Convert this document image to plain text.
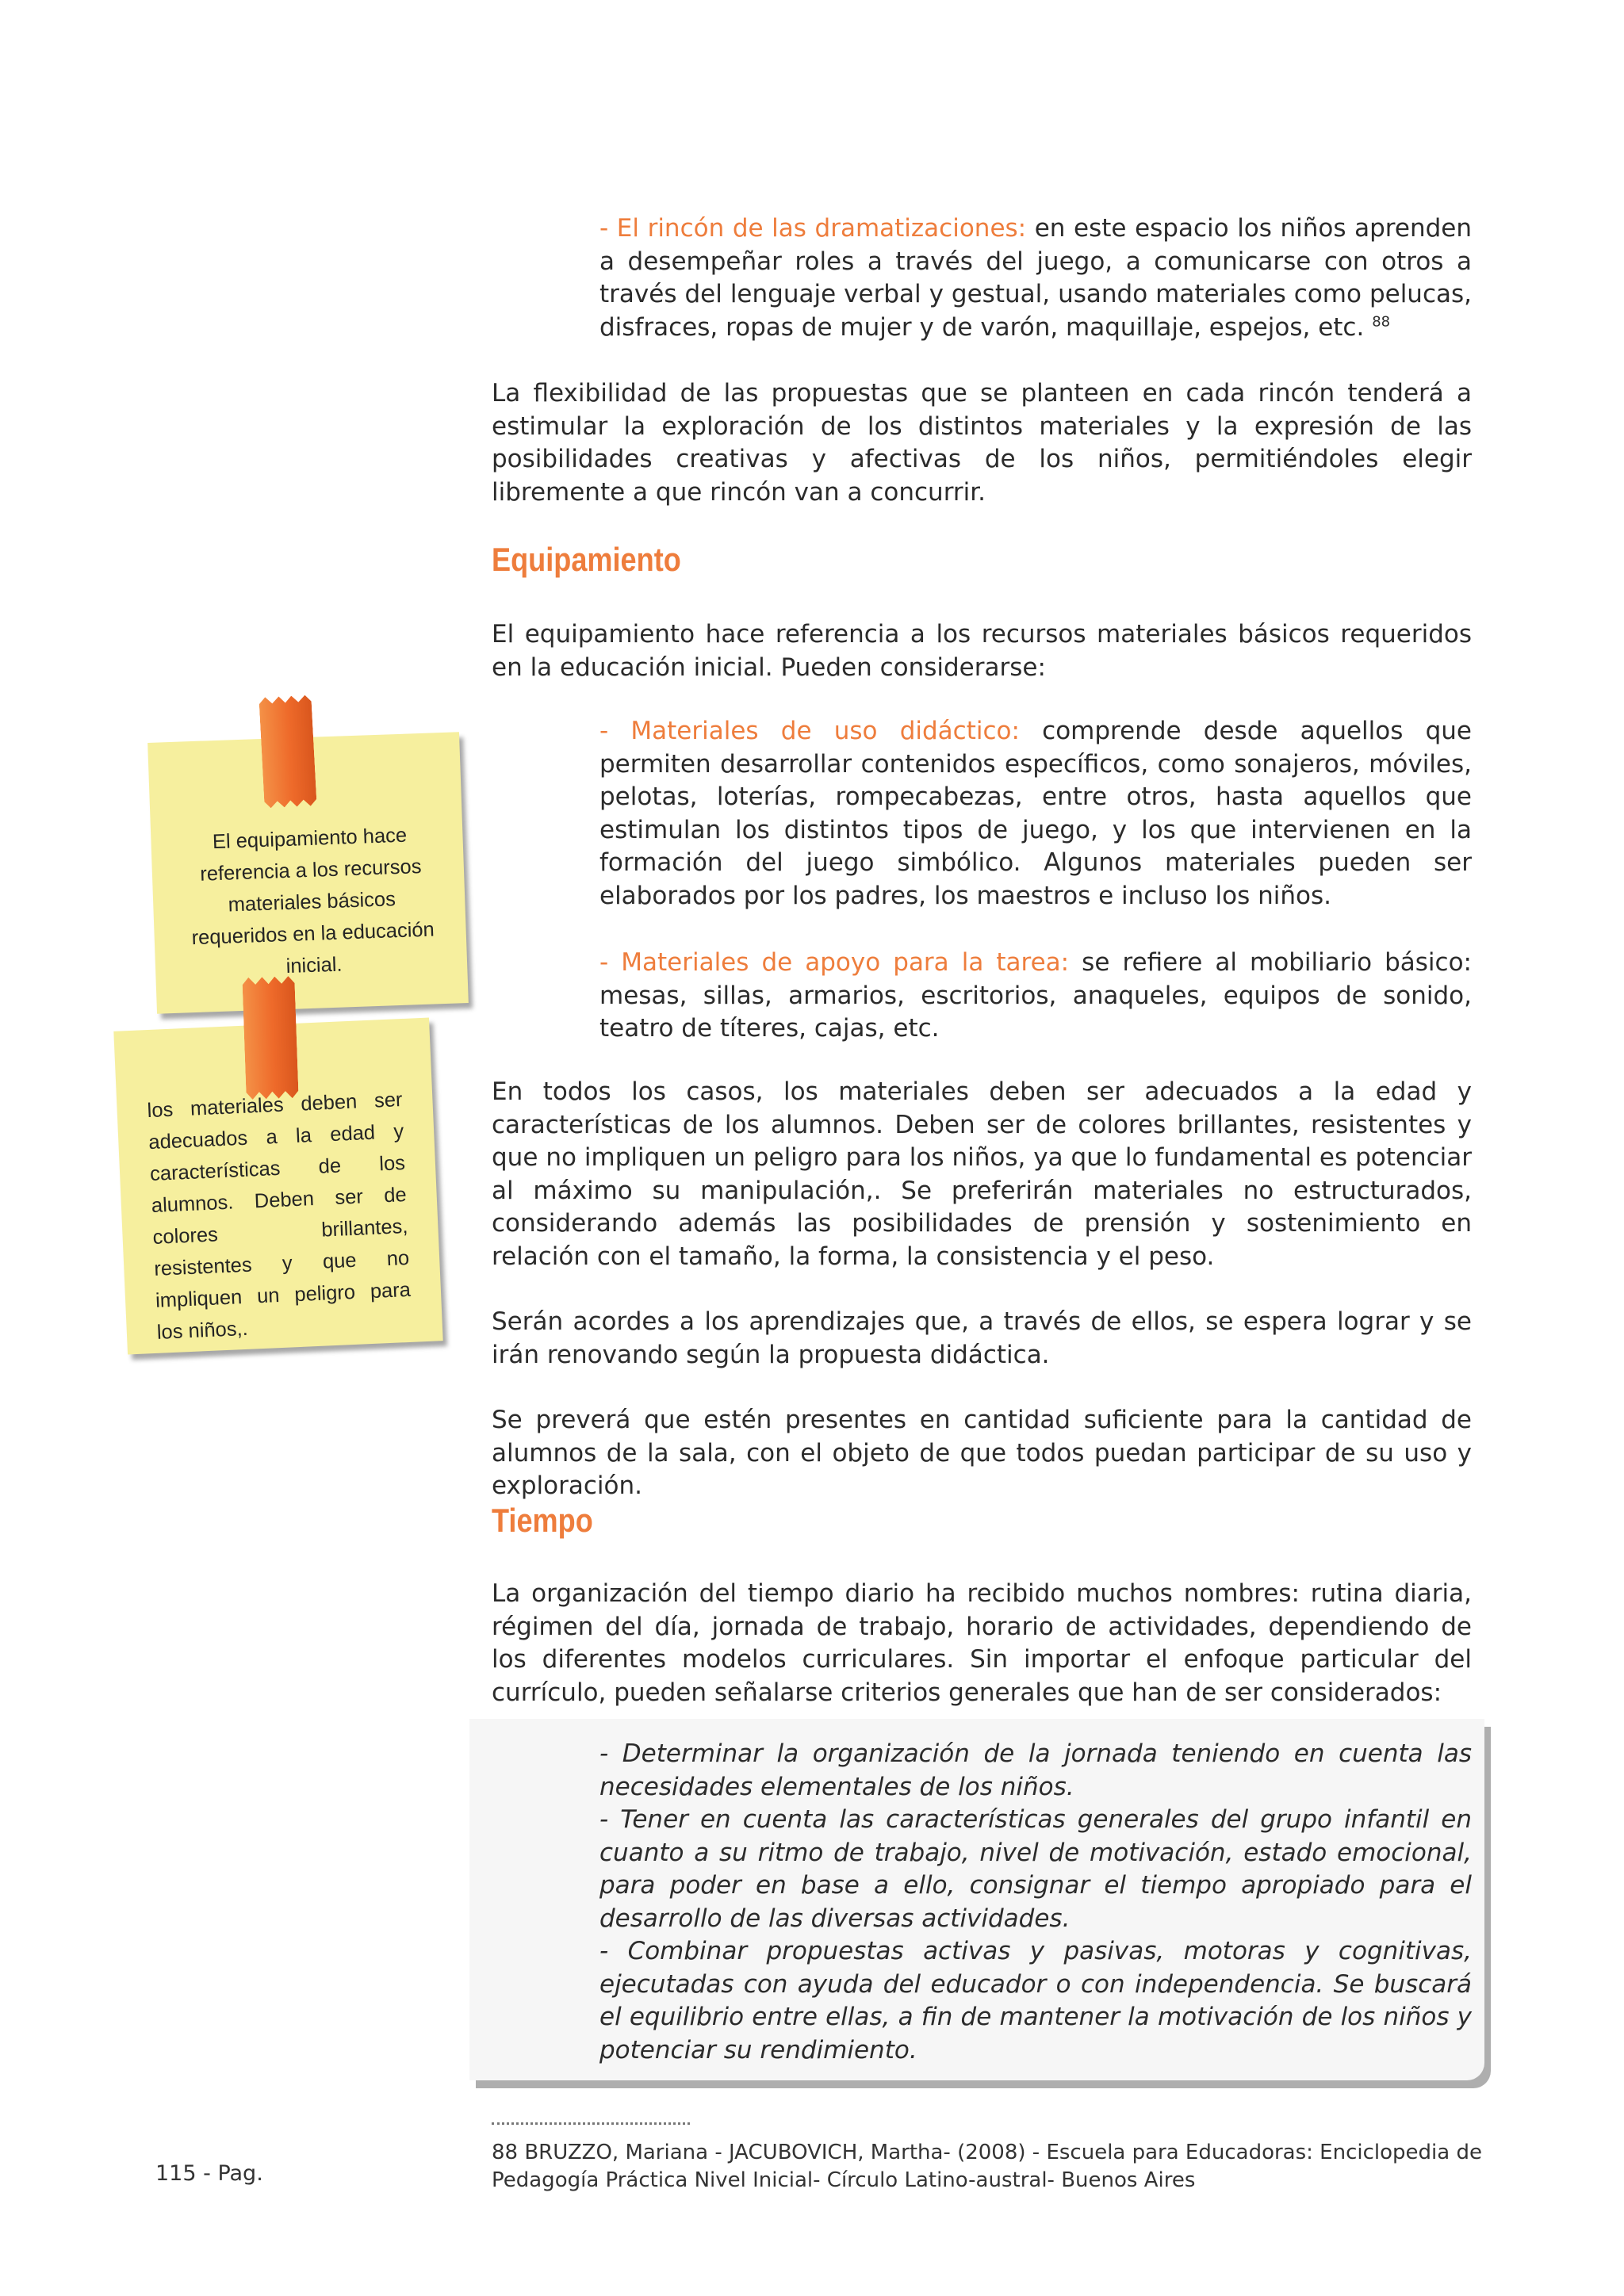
- El rincón de las dramatizaciones: en este espacio los niños aprenden a desempeñar roles a través del juego, a comunicarse con otros a través del lenguaje verbal y gestual, usando materiales como pelucas, disfraces, ropas de mujer y de varón, maquillaje, espejos, etc. $^{88}$

La flexibilidad de las propuestas que se planteen en cada rincón tenderá a estimular la exploración de los distintos materiales y la expresión de las posibilidades creativas y afectivas de los niños, permitiéndoles elegir libremente a que rincón van a concurrir.
Equipamiento
El equipamiento hace referencia a los recursos materiales básicos requeridos en la educación inicial. Pueden considerarse:

- Materiales de uso didáctico: comprende desde aquellos que permiten desarrollar contenidos específicos, como sonajeros, móviles, pelotas, loterías, rompecabezas, entre otros, hasta aquellos que estimulan los distintos tipos de juego, y los que intervienen en la formación del juego simbólico. Algunos materiales pueden ser elaborados por los padres, los maestros e incluso los niños.

- Materiales de apoyo para la tarea: se refiere al mobiliario básico: mesas, sillas, armarios, escritorios, anaqueles, equipos de sonido, teatro de títeres, cajas, etc.

En todos los casos, los materiales deben ser adecuados a la edad y características de los alumnos. Deben ser de colores brillantes, resistentes y que no impliquen un peligro para los niños, ya que lo fundamental es potenciar al máximo su manipulación,. Se preferirán materiales no estructurados, considerando además las posibilidades de prensión y sostenimiento en relación con el tamaño, la forma, la consistencia y el peso.
Serán acordes a los aprendizajes que, a través de ellos, se espera lograr y se irán renovando según la propuesta didáctica.
Se preverá que estén presentes en cantidad suficiente para la cantidad de alumnos de la sala, con el objeto de que todos puedan participar de su uso y exploración.
Tiempo
La organización del tiempo diario ha recibido muchos nombres: rutina diaria, régimen del día, jornada de trabajo, horario de actividades, dependiendo de los diferentes modelos curriculares. Sin importar el enfoque particular del currículo, pueden señalarse criterios generales que han de ser considerados:

- Determinar la organización de la jornada teniendo en cuenta las necesidades elementales de los niños.

- Tener en cuenta las características generales del grupo infantil en cuanto a su ritmo de trabajo, nivel de motivación, estado emocional, para poder en base a ello, consignar el tiempo apropiado para el desarrollo de las diversas actividades.

- Combinar propuestas activas y pasivas, motoras y cognitivas, ejecutadas con ayuda del educador o con independencia. Se buscará el equilibrio entre ellas, a fin de mantener la motivación de los niños y potenciar su rendimiento.

El equipamiento hace referencia a los recursos materiales básicos requeridos en la educación inicial.
los materiales deben ser adecuados a la edad y características de los alumnos. Deben ser de colores brillantes, resistentes y que no impliquen un peligro para los niños,.
88 BRUZZO, Mariana - JACUBOVICH, Martha- (2008) - Escuela para Educadoras: Enciclopedia de Pedagogía Práctica Nivel Inicial- Círculo Latino-austral- Buenos Aires
115 - Pag.
